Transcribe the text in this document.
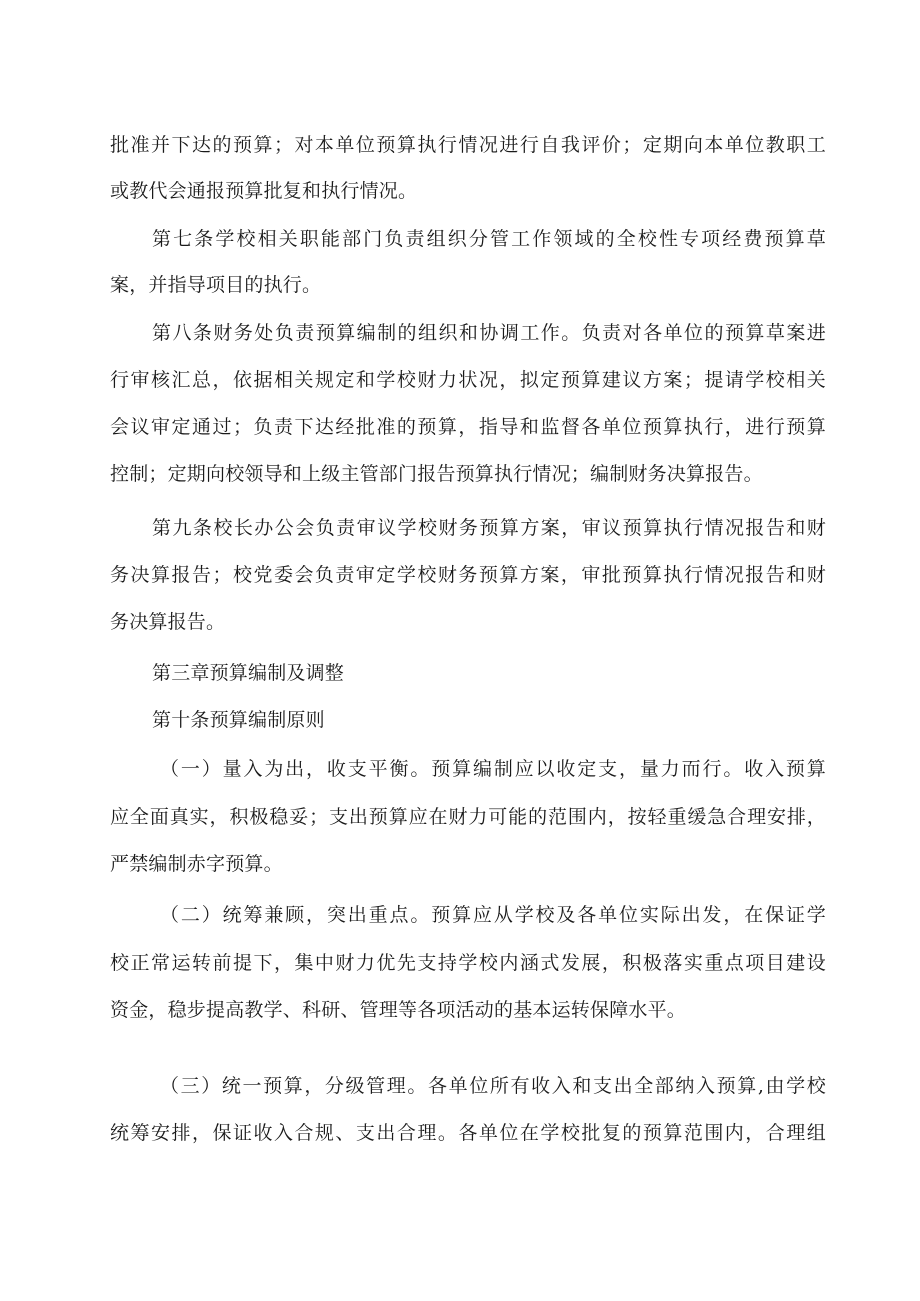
批准并下达的预算；对本单位预算执行情况进行自我评价；定期向本单位教职工
或教代会通报预算批复和执行情况。
第七条学校相关职能部门负责组织分管工作领域的全校性专项经费预算草
案，并指导项目的执行。
第八条财务处负责预算编制的组织和协调工作。负责对各单位的预算草案进
行审核汇总，依据相关规定和学校财力状况，拟定预算建议方案；提请学校相关
会议审定通过；负责下达经批准的预算，指导和监督各单位预算执行，进行预算
控制；定期向校领导和上级主管部门报告预算执行情况；编制财务决算报告。
第九条校长办公会负责审议学校财务预算方案，审议预算执行情况报告和财
务决算报告；校党委会负责审定学校财务预算方案，审批预算执行情况报告和财
务决算报告。
第三章预算编制及调整
第十条预算编制原则
（一）量入为出，收支平衡。预算编制应以收定支，量力而行。收入预算
应全面真实，积极稳妥；支出预算应在财力可能的范围内，按轻重缓急合理安排，
严禁编制赤字预算。
（二）统筹兼顾，突出重点。预算应从学校及各单位实际出发，在保证学
校正常运转前提下，集中财力优先支持学校内涵式发展，积极落实重点项目建设
资金，稳步提高教学、科研、管理等各项活动的基本运转保障水平。
（三）统一预算，分级管理。各单位所有收入和支出全部纳入预算,由学校
统筹安排，保证收入合规、支出合理。各单位在学校批复的预算范围内，合理组
